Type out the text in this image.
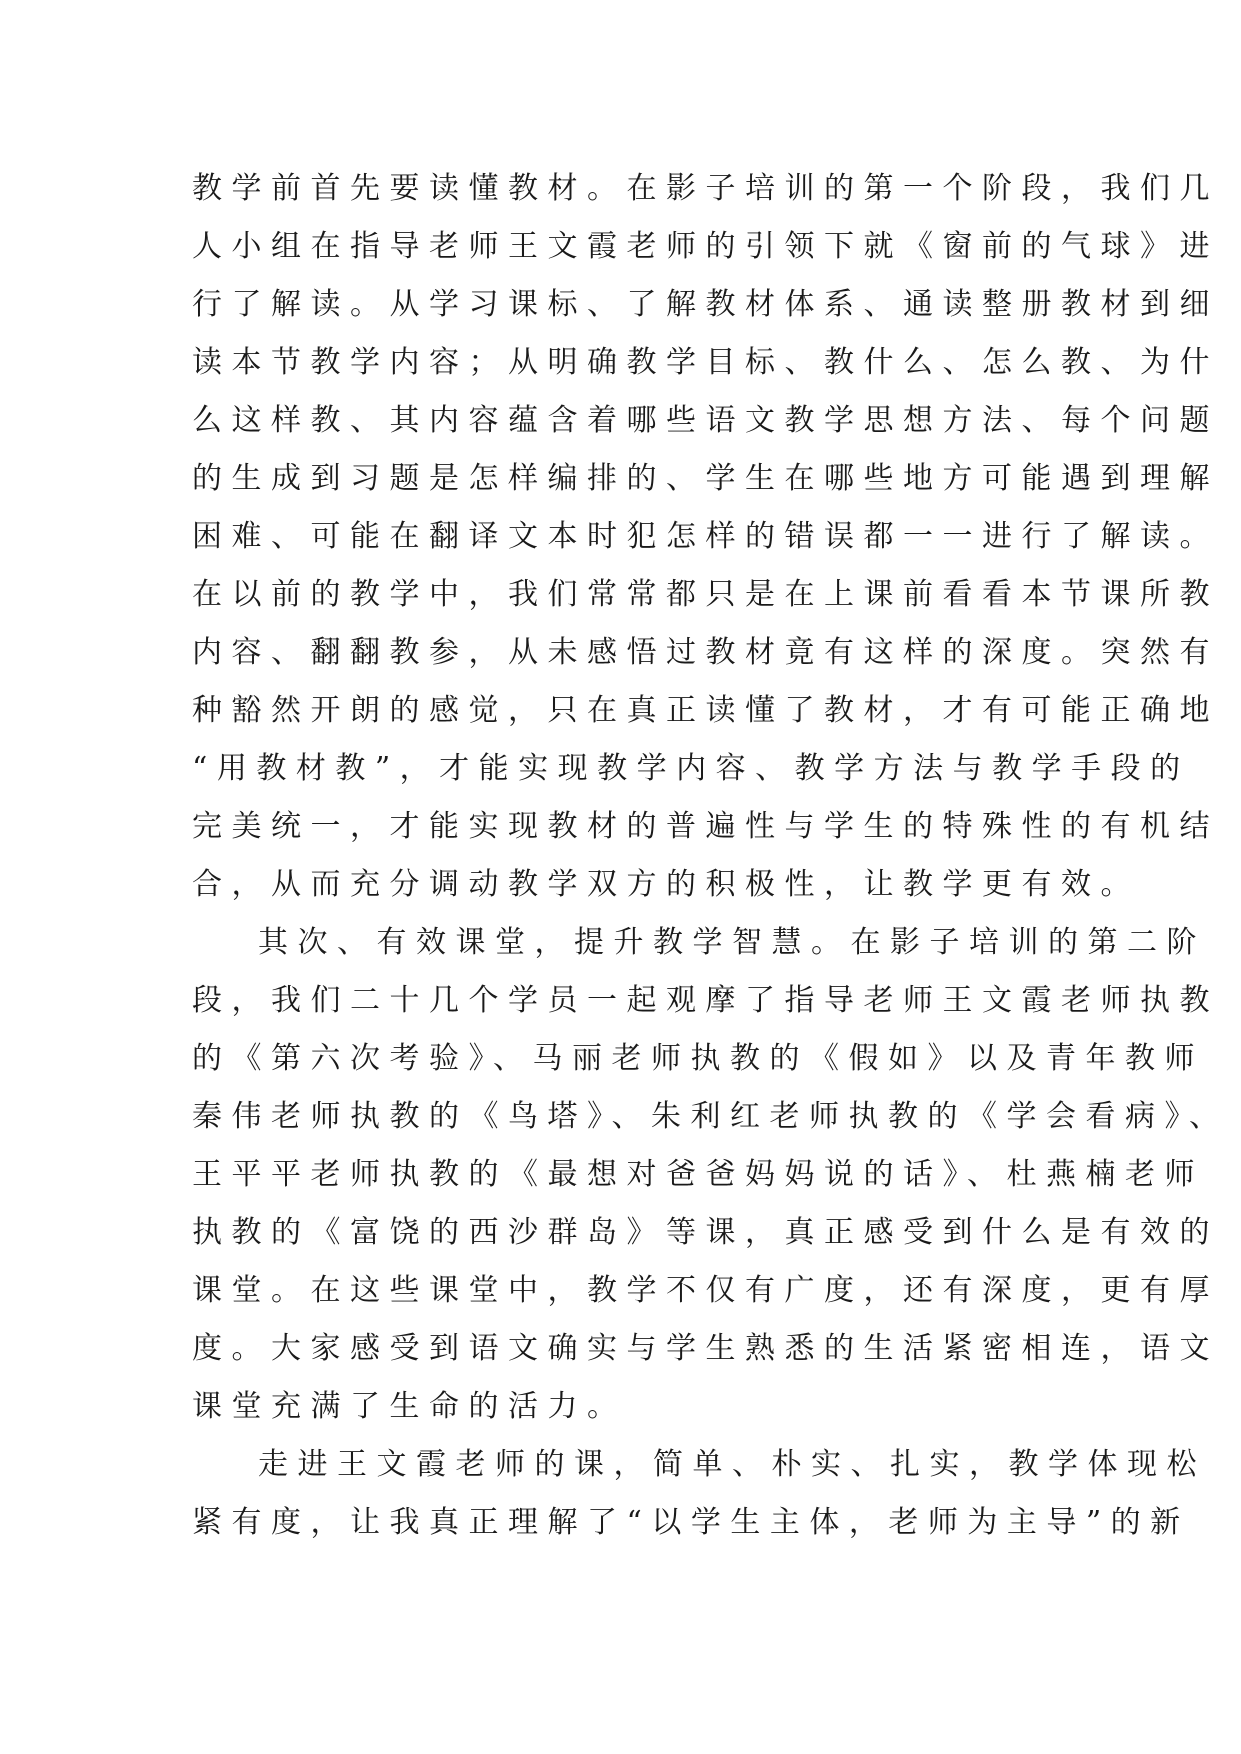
教学前首先要读懂教材。在影子培训的第一个阶段，我们几
人小组在指导老师王文霞老师的引领下就《窗前的气球》进
行了解读。从学习课标、了解教材体系、通读整册教材到细
读本节教学内容；从明确教学目标、教什么、怎么教、为什
么这样教、其内容蕴含着哪些语文教学思想方法、每个问题
的生成到习题是怎样编排的、学生在哪些地方可能遇到理解
困难、可能在翻译文本时犯怎样的错误都一一进行了解读。
在以前的教学中，我们常常都只是在上课前看看本节课所教
内容、翻翻教参，从未感悟过教材竟有这样的深度。突然有
种豁然开朗的感觉，只在真正读懂了教材，才有可能正确地
“用教材教”，才能实现教学内容、教学方法与教学手段的
完美统一，才能实现教材的普遍性与学生的特殊性的有机结
合，从而充分调动教学双方的积极性，让教学更有效。
其次、有效课堂，提升教学智慧。在影子培训的第二阶
段，我们二十几个学员一起观摩了指导老师王文霞老师执教
的《第六次考验》、马丽老师执教的《假如》以及青年教师
秦伟老师执教的《鸟塔》、朱利红老师执教的《学会看病》、
王平平老师执教的《最想对爸爸妈妈说的话》、杜燕楠老师
执教的《富饶的西沙群岛》等课，真正感受到什么是有效的
课堂。在这些课堂中，教学不仅有广度，还有深度，更有厚
度。大家感受到语文确实与学生熟悉的生活紧密相连，语文
课堂充满了生命的活力。
走进王文霞老师的课，简单、朴实、扎实，教学体现松
紧有度，让我真正理解了“以学生主体，老师为主导”的新
